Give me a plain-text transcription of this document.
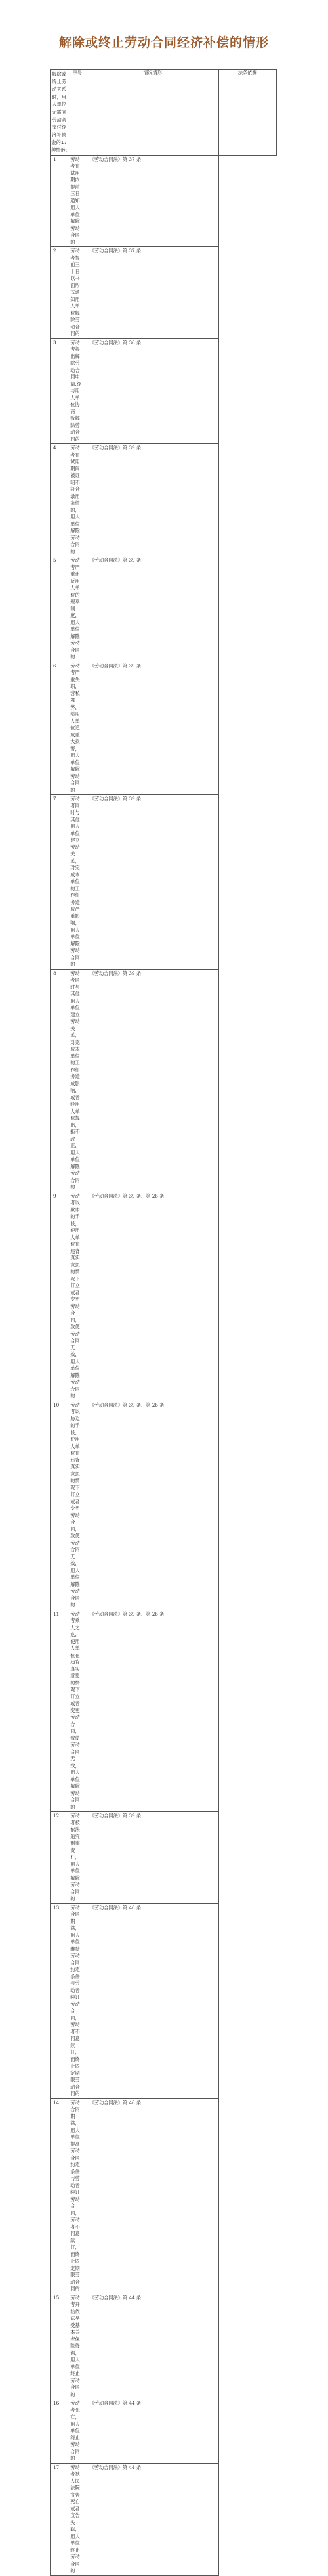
解除或终止劳动合同经济补偿的情形
解除或终止劳动关系时，用人单位无需向劳动者支付经济补偿金的17种情形:	序号	情况情形	法条依据
1	劳动者在试用期内提前三日通知用人单位解除劳动合同的	《劳动合同法》第 37 条	
2	劳动者提前三十日以书面形式通知用人单位解除劳动合同的	《劳动合同法》第 37 条	
3	劳动者提出解除劳动合同申请,经与用人单位协商一致解除劳动合同的	《劳动合同法》第 36 条	
4	劳动者在试用期间被证明不符合录用条件的，用人单位解除劳动合同的	《劳动合同法》第 39 条	
5	劳动者严重违反用人单位的规章制度，用人单位解除劳动合同的	《劳动合同法》第 39 条	
6	劳动者严重失职，营私舞弊，给用人单位造成重大损害，用人单位解除劳动合同的	《劳动合同法》第 39 条	
7	劳动者同时与其他用人单位建立劳动关系，对完成本单位的工作任务造成严重影响，用人单位解除劳动合同的	《劳动合同法》第 39 条	
8	劳动者同时与其他用人单位建立劳动关系，对完成本单位的工作任务造成影响，或者经用人单位提出，拒不改正，用人单位解除劳动合同的	《劳动合同法》第 39 条	
9	劳动者以欺诈的手段，使用人单位在违背真实意思的情况下订立或者变更劳动合同，致使劳动合同无效，用人单位解除劳动合同的	《劳动合同法》第 39 条、第 26 条	
10	劳动者以胁迫的手段，使用人单位在违背真实意思的情况下订立或者变更劳动合同，致使劳动合同无效，用人单位解除劳动合同的	《劳动合同法》第 39 条、第 26 条	
11	劳动者乘人之危，使用人单位在违背真实意思的情况下订立或者变更劳动合同，致使劳动合同无效，用人单位解除劳动合同的	《劳动合同法》第 39 条、第 26 条	
12	劳动者被依法追究刑事责任，用人单位解除劳动合同的	《劳动合同法》第 39 条	
13	劳动合同期满，用人单位维持劳动合同约定条件与劳动者续订劳动合同，劳动者不同意续订，而终止固定期限劳动合同的	《劳动合同法》第 46 条	
14	劳动合同期满，用人单位提高劳动合同约定条件与劳动者续订劳动合同，劳动者不同意续订，而终止固定期限劳动合同的	《劳动合同法》第 46 条	
15	劳动者开始依法享受基本养老保险待遇，用人单位终止劳动合同的	《劳动合同法》第 44 条	
16	劳动者死亡，用人单位终止劳动合同的	《劳动合同法》第 44 条	
17	劳动者被人民法院宣告死亡或者宣告失踪，用人单位终止劳动合同的	《劳动合同法》第 44 条	
